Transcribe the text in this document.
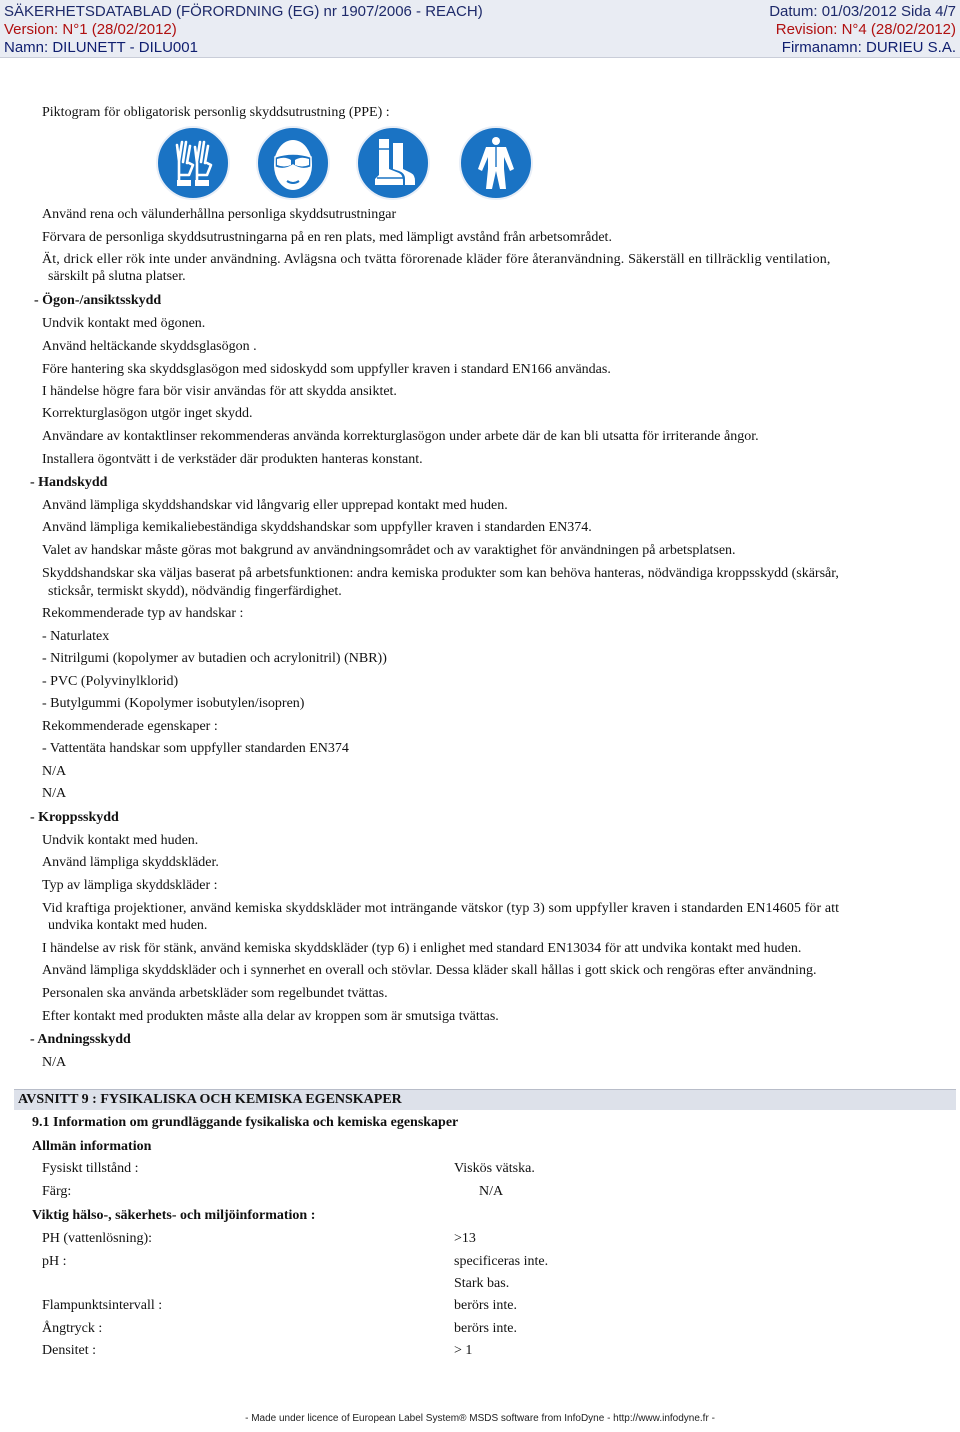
SÄKERHETSDATABLAD (FÖRORDNING (EG) nr 1907/2006 - REACH)	Datum: 01/03/2012 Sida 4/7
Version: N°1 (28/02/2012)	Revision: N°4 (28/02/2012)
Namn: DILUNETT - DILU001	Firmanamn: DURIEU S.A.
Piktogram för obligatorisk personlig skyddsutrustning (PPE) :
Använd rena och välunderhållna personliga skyddsutrustningar
Förvara de personliga skyddsutrustningarna på en ren plats, med lämpligt avstånd från arbetsområdet.
Ät, drick eller rök inte under användning. Avlägsna och tvätta förorenade kläder före återanvändning. Säkerställ en tillräcklig ventilation,
särskilt på slutna platser.
- Ögon-/ansiktsskydd
Undvik kontakt med ögonen.
Använd heltäckande skyddsglasögon .
Före hantering ska skyddsglasögon med sidoskydd som uppfyller kraven i standard EN166 användas.
I händelse högre fara bör visir användas för att skydda ansiktet.
Korrekturglasögon utgör inget skydd.
Användare av kontaktlinser rekommenderas använda korrekturglasögon under arbete där de kan bli utsatta för irriterande ångor.
Installera ögontvätt i de verkstäder där produkten hanteras konstant.
- Handskydd
Använd lämpliga skyddshandskar vid långvarig eller upprepad kontakt med huden.
Använd lämpliga kemikaliebeständiga skyddshandskar som uppfyller kraven i standarden EN374.
Valet av handskar måste göras mot bakgrund av användningsområdet och av varaktighet för användningen på arbetsplatsen.
Skyddshandskar ska väljas baserat på arbetsfunktionen: andra kemiska produkter som kan behöva hanteras, nödvändiga kroppsskydd (skärsår,
sticksår, termiskt skydd), nödvändig fingerfärdighet.
Rekommenderade typ av handskar :
- Naturlatex
- Nitrilgumi (kopolymer av butadien och acrylonitril) (NBR))
- PVC (Polyvinylklorid)
- Butylgummi (Kopolymer isobutylen/isopren)
Rekommenderade egenskaper :
- Vattentäta handskar som uppfyller standarden EN374
N/A
N/A
- Kroppsskydd
Undvik kontakt med huden.
Använd lämpliga skyddskläder.
Typ av lämpliga skyddskläder :
Vid kraftiga projektioner, använd kemiska skyddskläder mot inträngande vätskor (typ 3) som uppfyller kraven i standarden EN14605 för att
undvika kontakt med huden.
I händelse av risk för stänk, använd kemiska skyddskläder (typ 6) i enlighet med standard EN13034 för att undvika kontakt med huden.
Använd lämpliga skyddskläder och i synnerhet en overall och stövlar. Dessa kläder skall hållas i gott skick och rengöras efter användning.
Personalen ska använda arbetskläder som regelbundet tvättas.
Efter kontakt med produkten måste alla delar av kroppen som är smutsiga tvättas.
- Andningsskydd
N/A
AVSNITT 9 : FYSIKALISKA OCH KEMISKA EGENSKAPER
9.1 Information om grundläggande fysikaliska och kemiska egenskaper
Allmän information
Fysiskt tillstånd :	Viskös vätska.
Färg:	N/A
Viktig hälso-, säkerhets- och miljöinformation :
PH (vattenlösning):	>13
pH :	specificeras inte.
Stark bas.
Flampunktsintervall :	berörs inte.
Ångtryck :	berörs inte.
Densitet :	> 1
- Made under licence of European Label System® MSDS software from InfoDyne - http://www.infodyne.fr -
